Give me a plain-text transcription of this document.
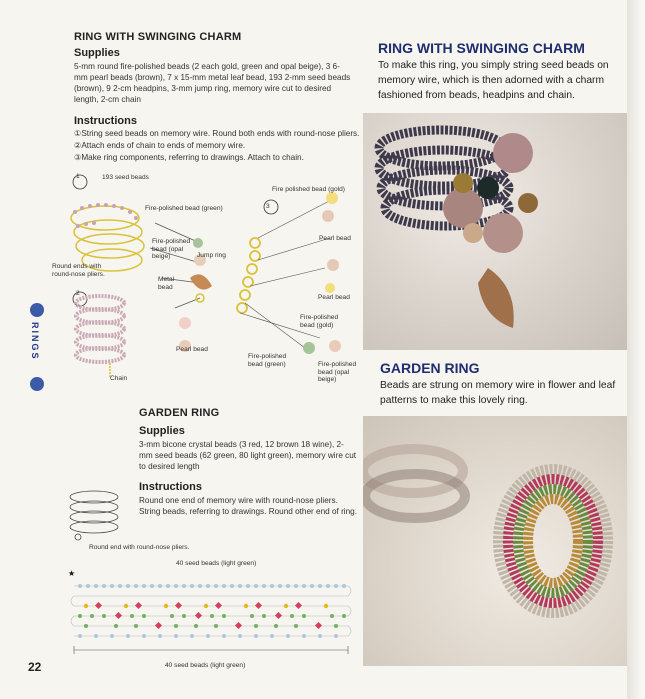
RING WITH SWINGING CHARM
Supplies

5-mm round fire-polished beads (2 each gold, green and opal beige), 3 6-mm pearl beads (brown), 7 x 15-mm metal leaf bead, 193 2-mm seed beads (brown), 9 2-cm headpins, 3-mm jump ring, memory wire cut to desired length, 2-cm chain

Instructions

①String seed beads on memory wire. Round both ends with round-nose pliers.

②Attach ends of chain to ends of memory wire.

③Make ring components, referring to drawings. Attach to chain.

1	193 seed beads
Fire-polished bead (green)
Fire-polished bead (opal beige)	Jump ring
Metal bead
Round ends with round-nose pliers.
Fire polished bead (gold)
3
Pearl bead
Pearl bead
Fire-polished bead (gold)
Pearl bead
Fire-polished bead (green)	Fire-polished bead (opal beige)
2
Chain
RINGS
GARDEN RING
Supplies

3-mm bicone crystal beads (3 red, 12 brown 18 wine), 2-mm seed beads (62 green, 80 light green), memory wire cut to desired length

Instructions

Round one end of memory wire with round-nose pliers. String beads, referring to drawings. Round other end of ring.

Round end with round-nose pliers.
40 seed beads (light green)
★
40 seed beads (light green)
22
RING WITH SWINGING CHARM

To make this ring, you simply string seed beads on memory wire, which is then adorned with a charm fashioned from beads, headpins and chain.

GARDEN RING

Beads are strung on memory wire in flower and leaf patterns to make this lovely ring.
